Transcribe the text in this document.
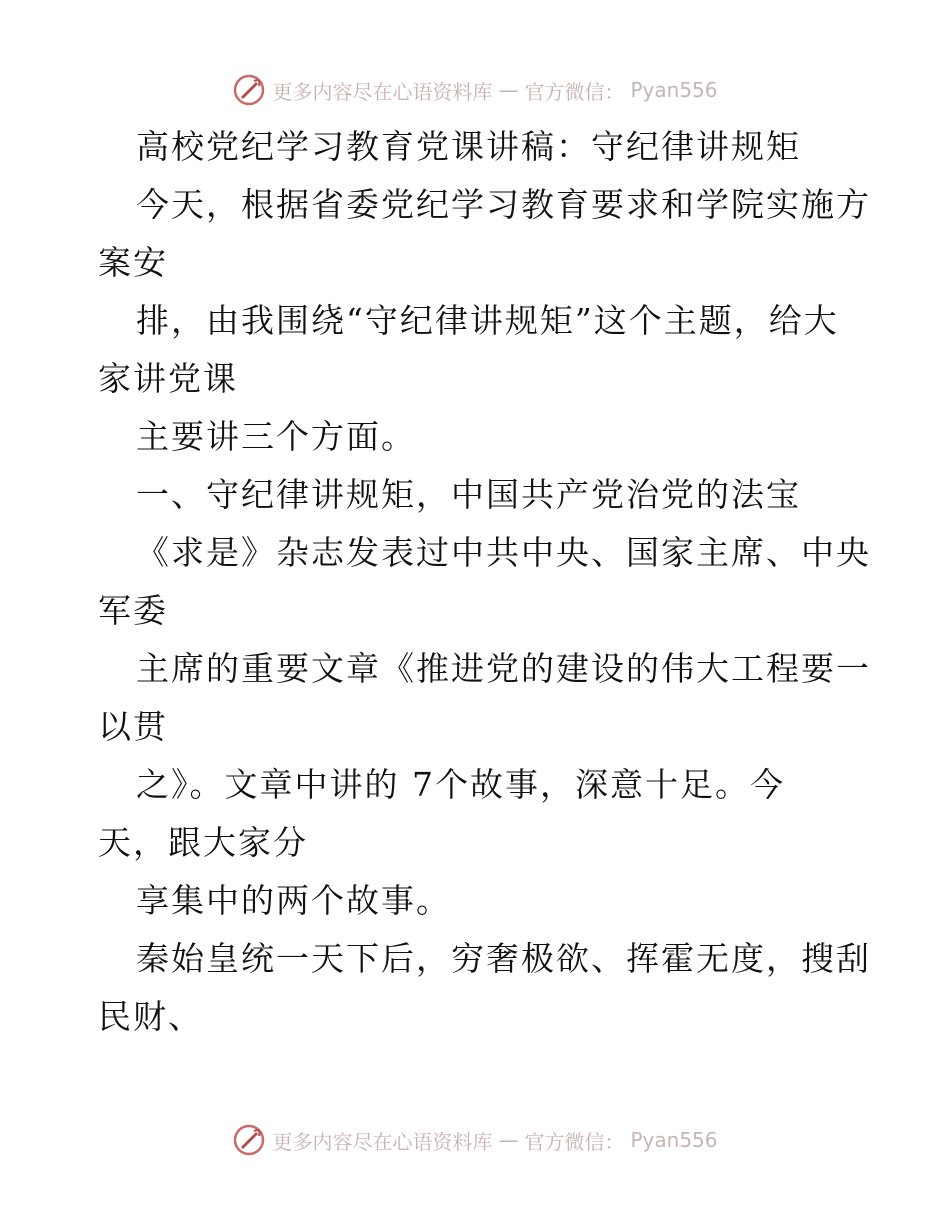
更多内容尽在心语资料库 — 官方微信： Pyan556
高校党纪学习教育党课讲稿：守纪律讲规矩
今天，根据省委党纪学习教育要求和学院实施方
案安
排，由我围绕“守纪律讲规矩”这个主题，给大
家讲党课
主要讲三个方面。
一、守纪律讲规矩，中国共产党治党的法宝
《求是》杂志发表过中共中央、国家主席、中央
军委
主席的重要文章《推进党的建设的伟大工程要一
以贯
之》。文章中讲的 7个故事，深意十足。今
天，跟大家分
享集中的两个故事。
秦始皇统一天下后，穷奢极欲、挥霍无度，搜刮
民财、
更多内容尽在心语资料库 — 官方微信： Pyan556
